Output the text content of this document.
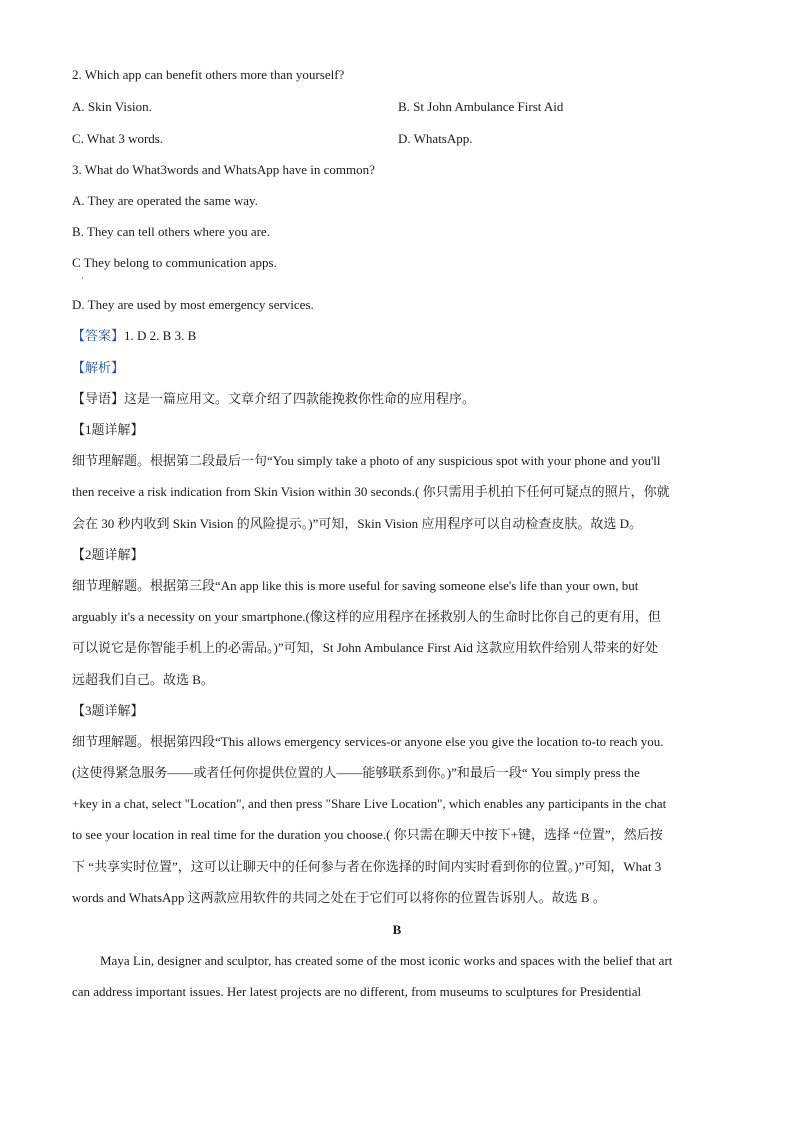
2. Which app can benefit others more than yourself?
A. Skin Vision.	B. St John Ambulance First Aid
C. What 3 words.	D. WhatsApp.
3. What do What3words and WhatsApp have in common?
A. They are operated the same way.
B. They can tell others where you are.
C They belong to communication apps.
·
D. They are used by most emergency services.
【答案】1. D 2. B 3. B
【解析】
【导语】这是一篇应用文。文章介绍了四款能挽救你性命的应用程序。
【1题详解】
细节理解题。根据第二段最后一句“You simply take a photo of any suspicious spot with your phone and you'll
then receive a risk indication from Skin Vision within 30 seconds.( 你只需用手机拍下任何可疑点的照片，你就
会在 30 秒内收到 Skin Vision 的风险提示。)”可知，Skin Vision 应用程序可以自动检查皮肤。故选 D。
【2题详解】
细节理解题。根据第三段“An app like this is more useful for saving someone else's life than your own, but
arguably it's a necessity on your smartphone.(像这样的应用程序在拯救别人的生命时比你自己的更有用，但
可以说它是你智能手机上的必需品。)”可知，St John Ambulance First Aid 这款应用软件给别人带来的好处
远超我们自己。故选 B。
【3题详解】
细节理解题。根据第四段“This allows emergency services-or anyone else you give the location to-to reach you.
(这使得紧急服务——或者任何你提供位置的人——能够联系到你。)”和最后一段“ You simply press the
+key in a chat, select "Location", and then press "Share Live Location", which enables any participants in the chat
to see your location in real time for the duration you choose.( 你只需在聊天中按下+键，选择 “位置”，然后按
下 “共享实时位置”，这可以让聊天中的任何参与者在你选择的时间内实时看到你的位置。)”可知，What 3
words and WhatsApp 这两款应用软件的共同之处在于它们可以将你的位置告诉别人。故选 B 。
B
Maya Lin, designer and sculptor, has created some of the most iconic works and spaces with the belief that art
can address important issues. Her latest projects are no different, from museums to sculptures for Presidential
